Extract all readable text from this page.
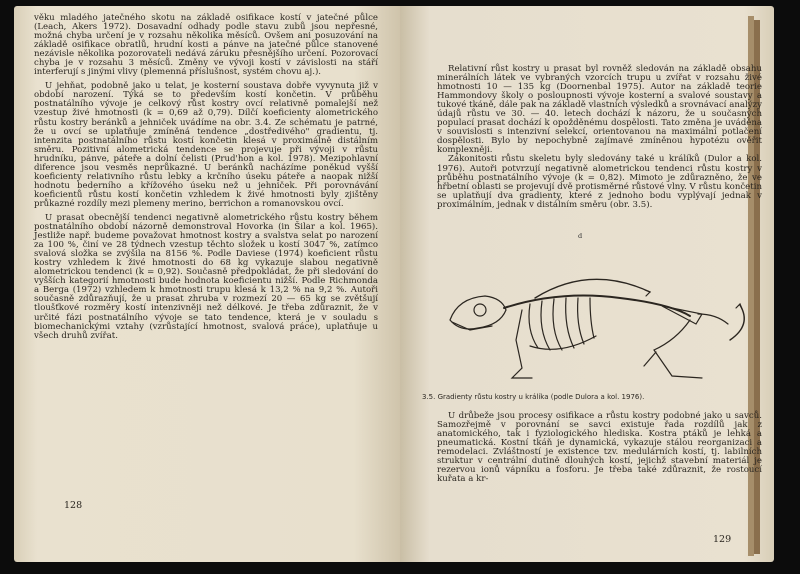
věku mladého jatečného skotu na základě osifikace kostí v jatečné půlce (Leach, Akers 1972). Dosavadní odhady podle stavu zubů jsou nepřesné, možná chyba určení je v rozsahu několika měsíců. Ovšem ani posuzování na základě osifikace obratlů, hrudní kosti a pánve na jatečné půlce stanovené nezávisle několika pozorovateli nedává záruku přesnějšího určení. Pozorovací chyba je v rozsahu 3 měsíců. Změny ve vývoji kostí v závislosti na stáří interferují s jinými vlivy (plemenná příslušnost, systém chovu aj.).

U jehňat, podobně jako u telat, je kosterní soustava dobře vyvynuta již v období narození. Týká se to především kostí končetin. V průběhu postnatálního vývoje je celkový růst kostry ovcí relativně pomalejší než vzestup živé hmotnosti (k = 0,69 až 0,79). Dílčí koeficienty alometrického růstu kostry beránků a jehniček uvádíme na obr. 3.4. Ze schématu je patrné, že u ovcí se uplatňuje zmíněná tendence „dostředivého" gradientu, tj. intenzita postnatálního růstu kostí končetin klesá v proximálně distálním směru. Pozitivní alometrická tendence se projevuje při vývoji v růstu hrudníku, pánve, páteře a dolní čelisti (Prud'hon a kol. 1978). Mezipohlavní diference jsou vesměs neprůkazné. U beránků nacházíme poněkud vyšší koeficienty relativního růstu lebky a krčního úseku páteře a naopak nižší hodnotu bederního a křížového úseku než u jehniček. Při porovnávání koeficientů růstu kostí končetin vzhledem k živé hmotnosti byly zjištěny průkazné rozdíly mezi plemeny merino, berrichon a romanovskou ovcí.

U prasat obecnější tendenci negativně alometrického růstu kostry během postnatálního období názorně demonstroval Hovorka (in Šilar a kol. 1965). Jestliže např. budeme považovat hmotnost kostry a svalstva selat po narození za 100 %, činí ve 28 týdnech vzestup těchto složek u kostí 3047 %, zatímco svalová složka se zvýšila na 8156 %. Podle Daviese (1974) koeficient růstu kostry vzhledem k živé hmotnosti do 68 kg vykazuje slabou negativně alometrickou tendenci (k = 0,92). Současně předpokládat, že při sledování do vyšších kategorií hmotnosti bude hodnota koeficientu nižší. Podle Richmonda a Berga (1972) vzhledem k hmotnosti trupu klesá k 13,2 % na 9,2 %. Autoři současně zdůrazňují, že u prasat zhruba v rozmezí 20 — 65 kg se zvětšují tloušťkové rozměry kostí intenzivněji než délkové. Je třeba zdůraznit, že v určité fázi postnatálního vývoje se tato tendence, která je v souladu s biomechanickými vztahy (vzrůstající hmotnost, svalová práce), uplatňuje u všech druhů zvířat.

128

Relativní růst kostry u prasat byl rovněž sledován na základě obsahu minerálních látek ve vybraných vzorcích trupu u zvířat v rozsahu živé hmotnosti 10 — 135 kg (Doornenbal 1975). Autor na základě teorie Hammondovy školy o posloupnosti vývoje kosterní a svalové soustavy a tukové tkáně, dále pak na základě vlastních výsledků a srovnávací analýzy údajů růstu ve 30. — 40. letech dochází k názoru, že u současných populací prasat dochází k opožděnému dospělosti. Tato změna je uváděna v souvislosti s intenzivní selekcí, orientovanou na maximální potlačení dospělosti. Bylo by nepochybně zajímavé zmíněnou hypotézu ověřit komplexněji.

Zákonitosti růstu skeletu byly sledovány také u králíků (Dulor a kol. 1976). Autoři potvrzují negativně alometrickou tendenci růstu kostry v průběhu postnatálního vývoje (k = 0,82). Mimoto je zdůrazněno, že ve hřbetní oblasti se projevují dvě protisměrné růstové vlny. V růstu končetin se uplatňují dva gradienty, které z jednoho bodu vyplývají jednak v proximálním, jednak v distálním směru (obr. 3.5).

d
3.5. Gradienty růstu kostry u králíka (podle Dulora a kol. 1976).

U drůbeže jsou procesy osifikace a růstu kostry podobné jako u savců. Samozřejmě v porovnání se savci existuje řada rozdílů jak z anatomického, tak i fyziologického hlediska. Kostra ptáků je lehká a pneumatická. Kostní tkáň je dynamická, vykazuje stálou reorganizaci a remodelaci. Zvláštností je existence tzv. medulárních kostí, tj. labilních struktur v centrální dutině dlouhých kostí, jejichž stavební materiál je rezervou ionů vápníku a fosforu. Je třeba také zdůraznit, že rostoucí kuřata a kr-

129
